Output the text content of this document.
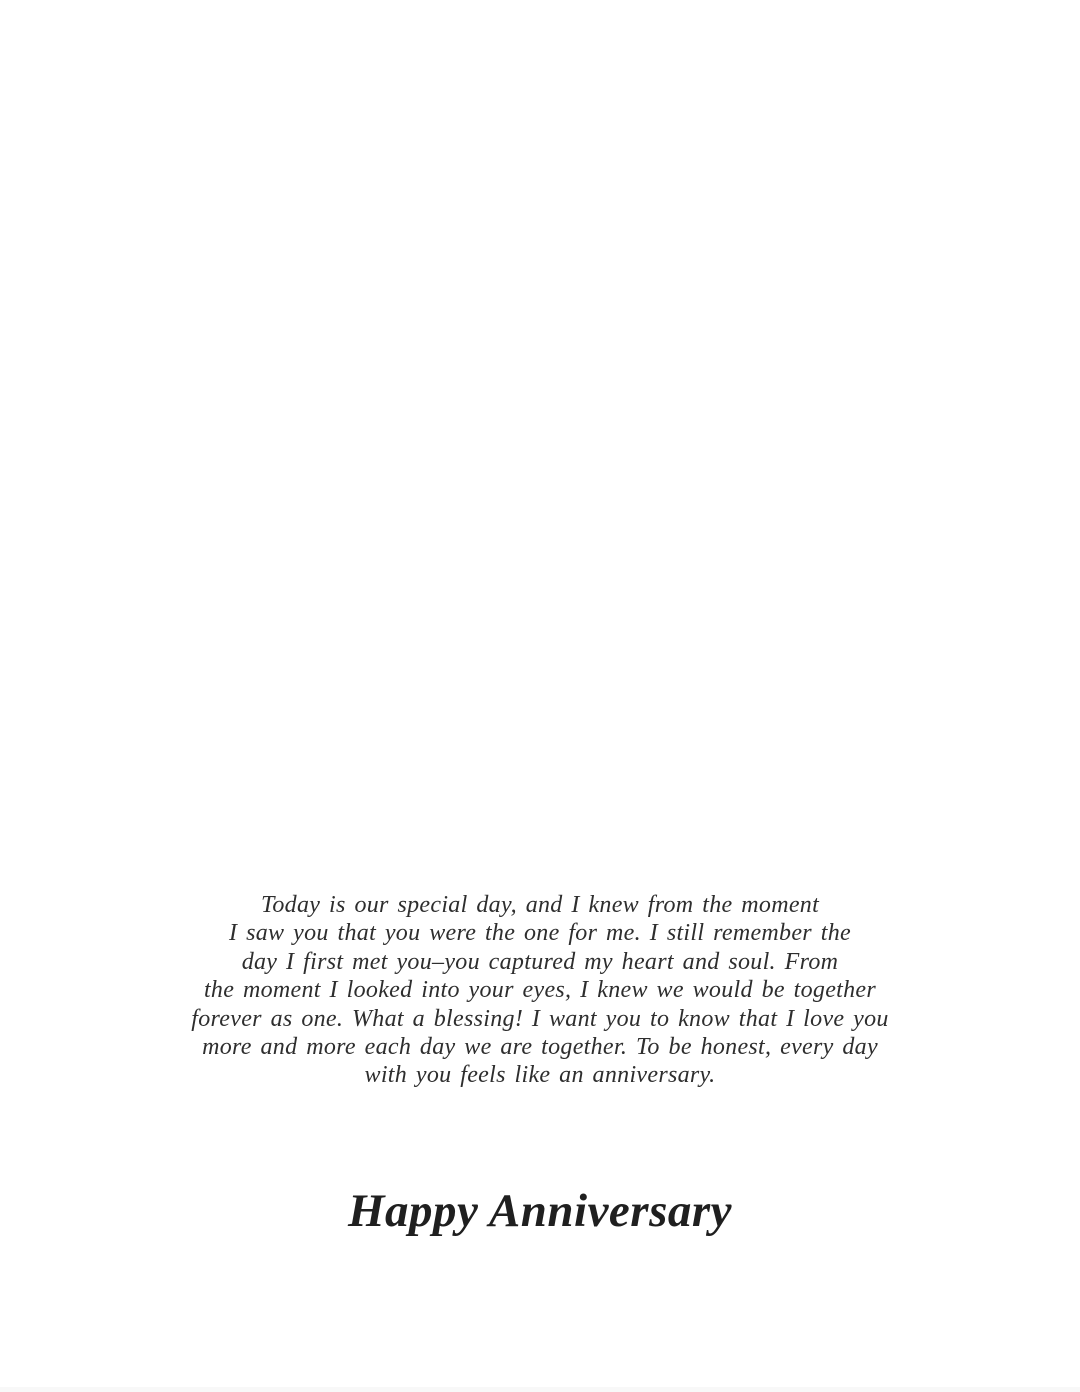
Today is our special day, and I knew from the moment
I saw you that you were the one for me. I still remember the
day I first met you–you captured my heart and soul. From
the moment I looked into your eyes, I knew we would be together
forever as one. What a blessing! I want you to know that I love you
more and more each day we are together. To be honest, every day
with you feels like an anniversary.
Happy Anniversary
